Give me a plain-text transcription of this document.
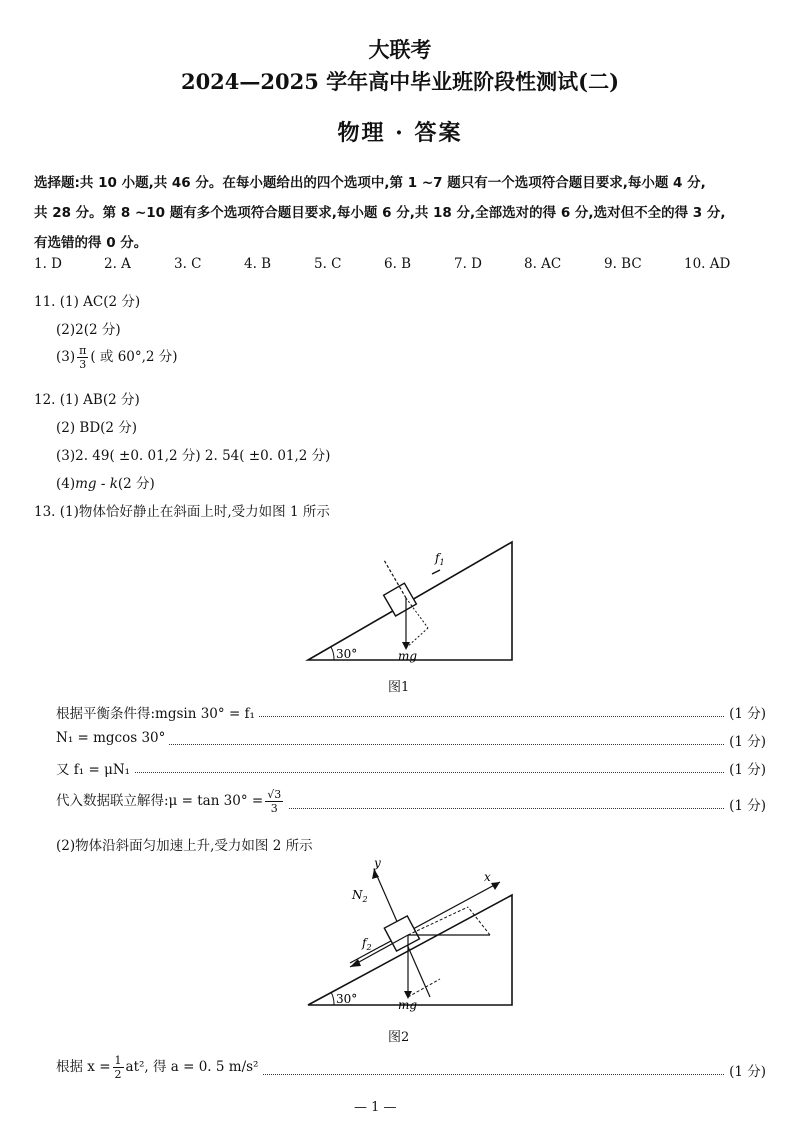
大联考
2024—2025 学年高中毕业班阶段性测试(二)
物理 · 答案

选择题:共 10 小题,共 46 分。在每小题给出的四个选项中,第 1 ~7 题只有一个选项符合题目要求,每小题 4 分,

共 28 分。第 8 ~10 题有多个选项符合题目要求,每小题 6 分,共 18 分,全部选对的得 6 分,选对但不全的得 3 分,

有选错的得 0 分。

1. D	2. A	3. C	4. B	5. C	6. B	7. D	8. AC	9. BC	10. AD
11. (1) AC(2 分)
(2)2(2 分)
$(3) \frac{\pi}{3}$ ( 或 60°,2 分)
12. (1) AB(2 分)
(2) BD(2 分)
(3)2. 49( ±0. 01,2 分) 2. 54( ±0. 01,2 分)
(4)mg - k(2 分)
13. (1)物体恰好静止在斜面上时,受力如图 1 所示
30°	mg
$f_1$
图1
根据平衡条件得:mgsin 30° = f₁	(1 分)
N₁ = mgcos 30°	(1 分)
又 f₁ = μN₁	(1 分)
代入数据联立解得:μ = $\tan 30^\circ = \frac{√3}{3}$	(1 分)
(2)物体沿斜面匀加速上升,受力如图 2 所示
30°
x
y
$N_2$
$f_2$
mg
图2
根据 $x = \frac{1}{2} at^2$, 得 a = 0. 5 m/s²	(1 分)
— 1 —
